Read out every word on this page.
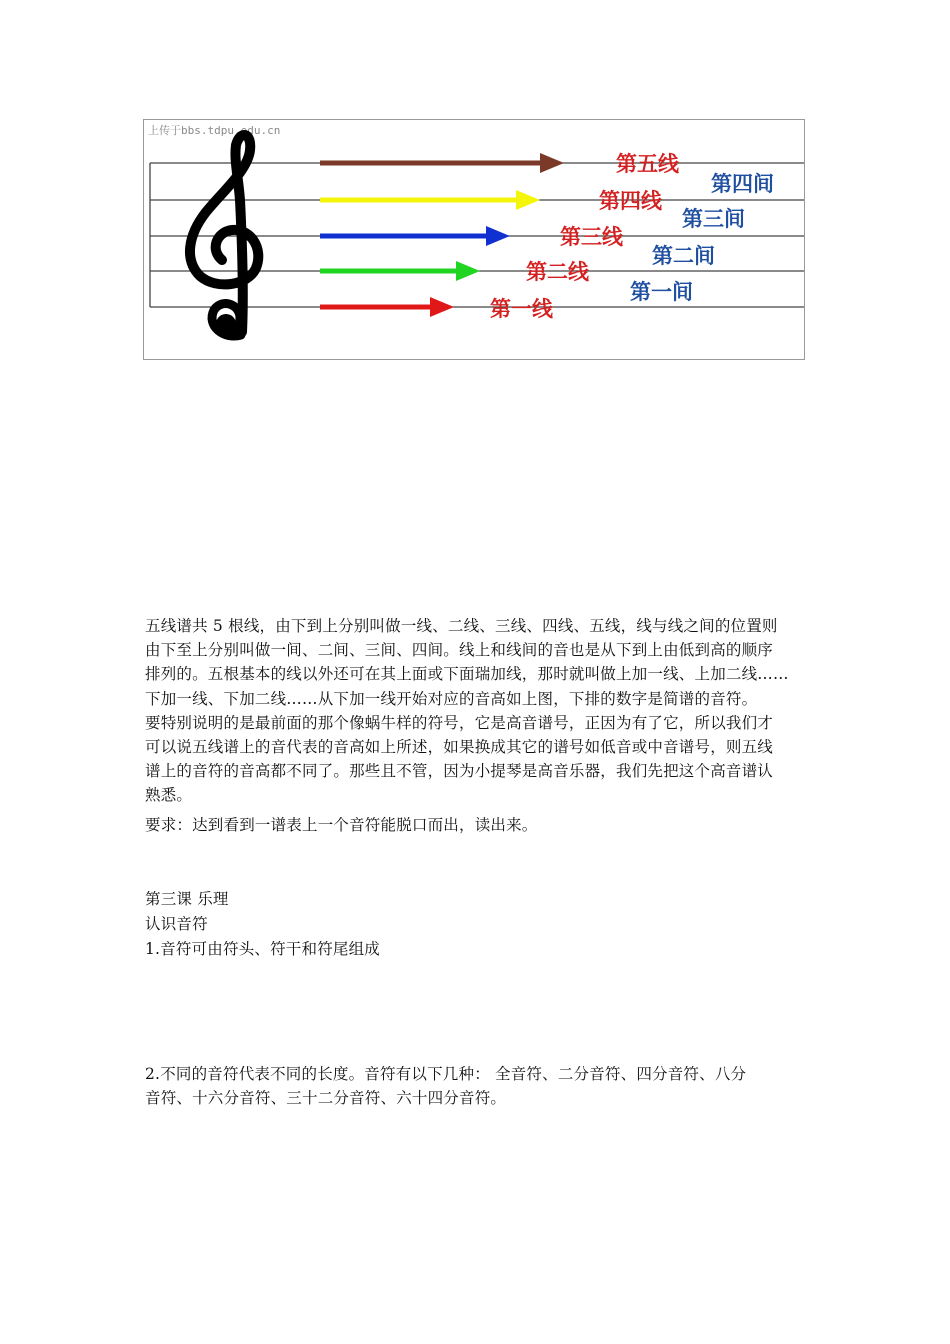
上传于bbs.tdpu.edu.cn
第五线
第四线
第三线
第二线
第一线
第四间
第三间
第二间
第一间

五线谱共 5 根线，由下到上分别叫做一线、二线、三线、四线、五线，线与线之间的位置则
由下至上分别叫做一间、二间、三间、四间。线上和线间的音也是从下到上由低到高的顺序
排列的。五根基本的线以外还可在其上面或下面瑞加线，那时就叫做上加一线、上加二线……
下加一线、下加二线……从下加一线开始对应的音高如上图，下排的数字是简谱的音符。
要特别说明的是最前面的那个像蜗牛样的符号，它是高音谱号，正因为有了它，所以我们才
可以说五线谱上的音代表的音高如上所述，如果换成其它的谱号如低音或中音谱号，则五线
谱上的音符的音高都不同了。那些且不管，因为小提琴是高音乐器，我们先把这个高音谱认
熟悉。

要求：达到看到一谱表上一个音符能脱口而出，读出来。

第三课 乐理

认识音符

1.音符可由符头、符干和符尾组成

2.不同的音符代表不同的长度。音符有以下几种： 全音符、二分音符、四分音符、八分
音符、十六分音符、三十二分音符、六十四分音符。
